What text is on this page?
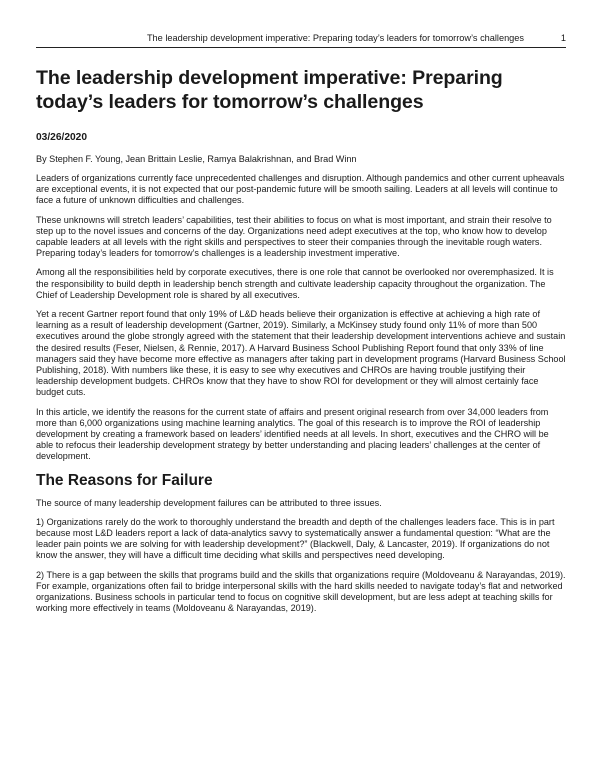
The leadership development imperative: Preparing today’s leaders for tomorrow’s challenges	1
The leadership development imperative: Preparing today’s leaders for tomorrow’s challenges
03/26/2020
By Stephen F. Young, Jean Brittain Leslie, Ramya Balakrishnan, and Brad Winn

Leaders of organizations currently face unprecedented challenges and disruption. Although pandemics and other current upheavals are exceptional events, it is not expected that our post-pandemic future will be smooth sailing. Leaders at all levels will continue to face a future of unknown difficulties and challenges.

These unknowns will stretch leaders’ capabilities, test their abilities to focus on what is most important, and strain their resolve to step up to the novel issues and concerns of the day. Organizations need adept executives at the top, who know how to develop capable leaders at all levels with the right skills and perspectives to steer their companies through the inevitable rough waters. Preparing today’s leaders for tomorrow’s challenges is a leadership investment imperative.

Among all the responsibilities held by corporate executives, there is one role that cannot be overlooked nor overemphasized. It is the responsibility to build depth in leadership bench strength and cultivate leadership capacity throughout the organization. The Chief of Leadership Development role is shared by all executives.

Yet a recent Gartner report found that only 19% of L&D heads believe their organization is effective at achieving a high rate of learning as a result of leadership development (Gartner, 2019). Similarly, a McKinsey study found only 11% of more than 500 executives around the globe strongly agreed with the statement that their leadership development interventions achieve and sustain the desired results (Feser, Nielsen, & Rennie, 2017). A Harvard Business School Publishing Report found that only 33% of line managers said they have become more effective as managers after taking part in development programs (Harvard Business School Publishing, 2018). With numbers like these, it is easy to see why executives and CHROs are having trouble justifying their leadership development budgets. CHROs know that they have to show ROI for development or they will almost certainly face budget cuts.

In this article, we identify the reasons for the current state of affairs and present original research from over 34,000 leaders from more than 6,000 organizations using machine learning analytics. The goal of this research is to improve the ROI of leadership development by creating a framework based on leaders’ identified needs at all levels. In short, executives and the CHRO will be able to refocus their leadership development strategy by better understanding and placing leaders’ challenges at the center of development.

The Reasons for Failure

The source of many leadership development failures can be attributed to three issues.

1) Organizations rarely do the work to thoroughly understand the breadth and depth of the challenges leaders face. This is in part because most L&D leaders report a lack of data-analytics savvy to systematically answer a fundamental question: “What are the leader pain points we are solving for with leadership development?” (Blackwell, Daly, & Lancaster, 2019). If organizations do not know the answer, they will have a difficult time deciding what skills and perspectives need developing.

2) There is a gap between the skills that programs build and the skills that organizations require (Moldoveanu & Narayandas, 2019). For example, organizations often fail to bridge interpersonal skills with the hard skills needed to navigate today’s flat and networked organizations. Business schools in particular tend to focus on cognitive skill development, but are less adept at teaching skills for working more effectively in teams (Moldoveanu & Narayandas, 2019).
